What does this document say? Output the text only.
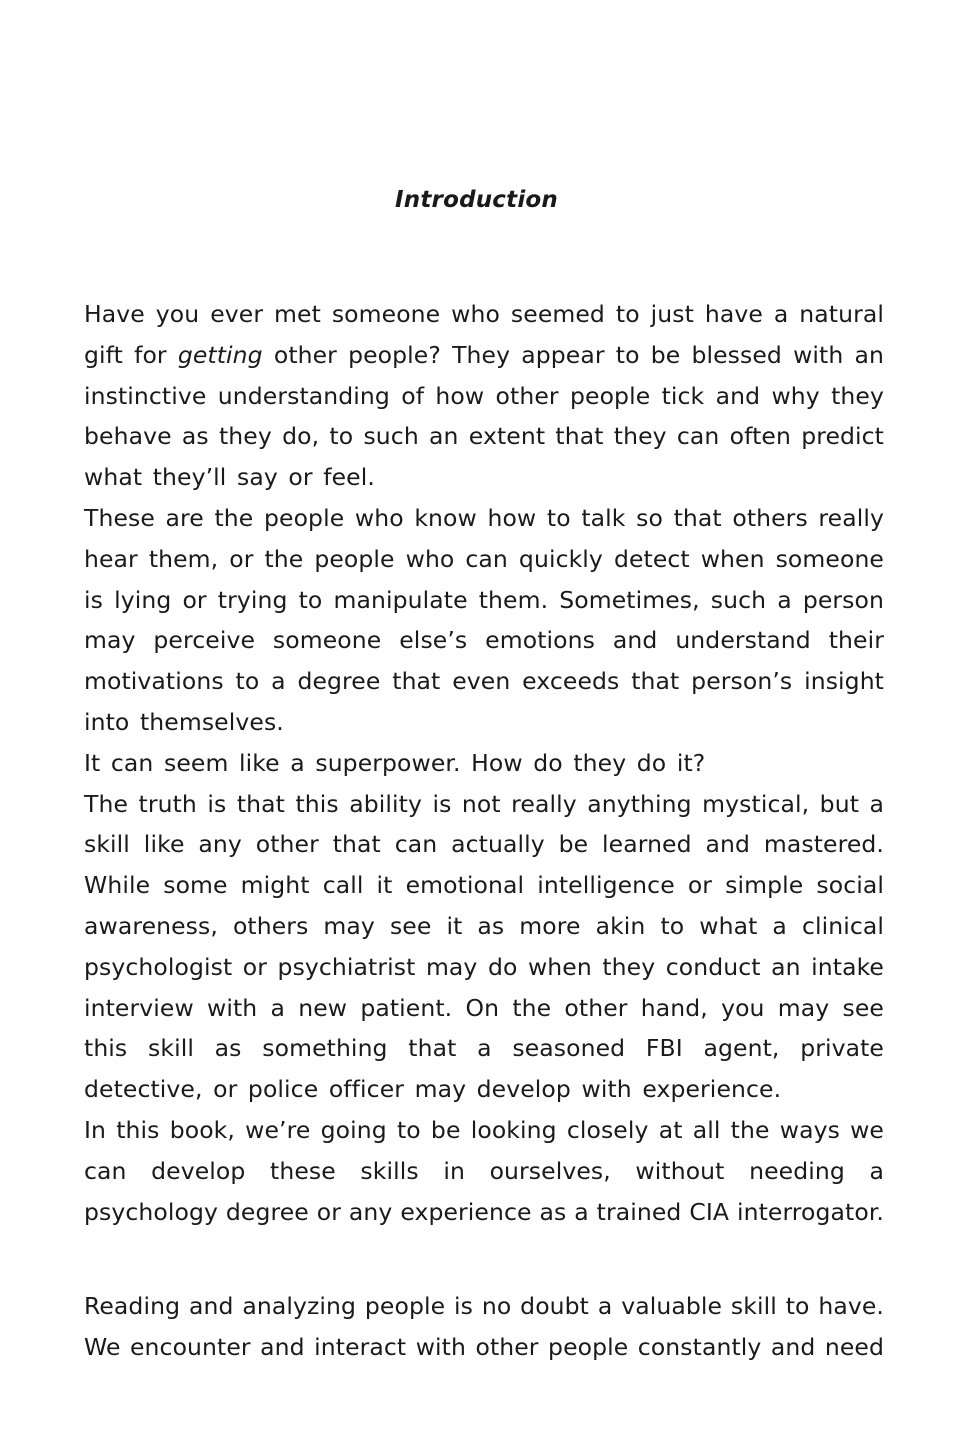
Introduction
Have you ever met someone who seemed to just have a natural
gift for getting other people? They appear to be blessed with an
instinctive understanding of how other people tick and why they
behave as they do, to such an extent that they can often predict
what they’ll say or feel.
These are the people who know how to talk so that others really
hear them, or the people who can quickly detect when someone
is lying or trying to manipulate them. Sometimes, such a person
may perceive someone else’s emotions and understand their
motivations to a degree that even exceeds that person’s insight
into themselves.
It can seem like a superpower. How do they do it?
The truth is that this ability is not really anything mystical, but a
skill like any other that can actually be learned and mastered.
While some might call it emotional intelligence or simple social
awareness, others may see it as more akin to what a clinical
psychologist or psychiatrist may do when they conduct an intake
interview with a new patient. On the other hand, you may see
this skill as something that a seasoned FBI agent, private
detective, or police officer may develop with experience.
In this book, we’re going to be looking closely at all the ways we
can develop these skills in ourselves, without needing a
psychology degree or any experience as a trained CIA interrogator.
Reading and analyzing people is no doubt a valuable skill to have.
We encounter and interact with other people constantly and need
